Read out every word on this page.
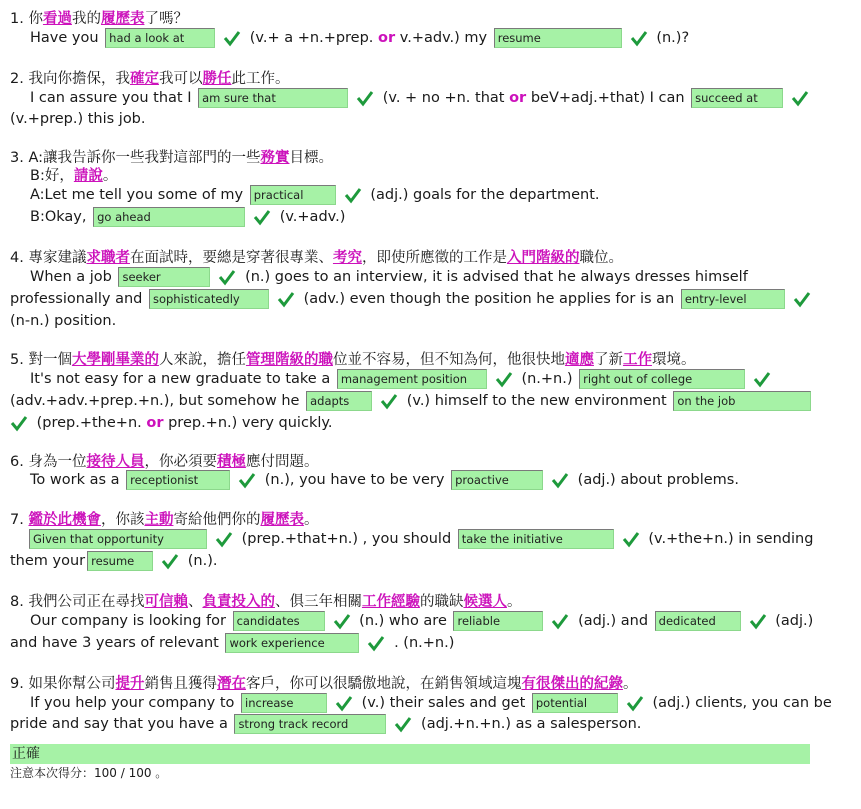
1. 你看過我的履歷表了嗎？
Have you had a look at	(v.+ a +n.+prep. or v.+adv.) my resume	(n.)?
2. 我向你擔保，我確定我可以勝任此工作。
I can assure you that I am sure that	(v. + no +n. that or beV+adj.+that) I can succeed at
(v.+prep.) this job.
3. A:讓我告訴你一些我對這部門的一些務實目標。
B:好，請說。
A:Let me tell you some of my practical	(adj.) goals for the department.
B:Okay, go ahead	(v.+adv.)
4. 專家建議求職者在面試時，要總是穿著很專業、考究，即使所應徵的工作是入門階級的職位。
When a job seeker	(n.) goes to an interview, it is advised that he always dresses himself
professionally and sophisticatedly	(adv.) even though the position he applies for is an entry-level
(n-n.) position.
5. 對一個大學剛畢業的人來說，擔任管理階級的職位並不容易，但不知為何，他很快地適應了新工作環境。
It's not easy for a new graduate to take a management position	(n.+n.) right out of college
(adv.+adv.+prep.+n.), but somehow he adapts	(v.) himself to the new environment on the job
(prep.+the+n. or prep.+n.) very quickly.
6. 身為一位接待人員，你必須要積極應付問題。
To work as a receptionist	(n.), you have to be very proactive	(adj.) about problems.
7. 鑑於此機會，你該主動寄給他們你的履歷表。
Given that opportunity	(prep.+that+n.) , you should take the initiative	(v.+the+n.) in sending
them your resume	(n.).
8. 我們公司正在尋找可信賴、負責投入的、俱三年相關工作經驗的職缺候選人。
Our company is looking for candidates	(n.) who are reliable	(adj.) and dedicated	(adj.)
and have 3 years of relevant work experience	. (n.+n.)
9. 如果你幫公司提升銷售且獲得潛在客戶，你可以很驕傲地說，在銷售領域這塊有很傑出的紀錄。
If you help your company to increase	(v.) their sales and get potential	(adj.) clients, you can be
pride and say that you have a strong track record	(adj.+n.+n.) as a salesperson.
正確
注意本次得分：100 / 100 。
